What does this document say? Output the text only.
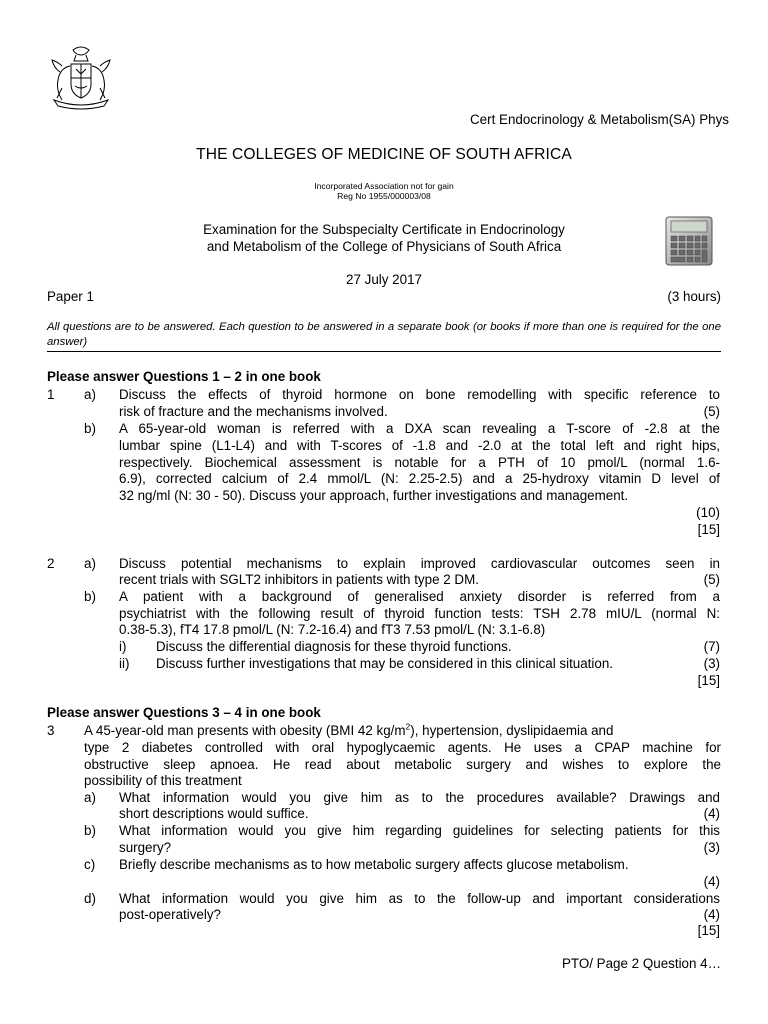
Cert Endocrinology & Metabolism(SA) Phys
THE COLLEGES OF MEDICINE OF SOUTH AFRICA
Incorporated Association not for gain
Reg No 1955/000003/08
Examination for the Subspecialty Certificate in Endocrinology
and Metabolism of the College of Physicians of South Africa
27 July 2017
Paper 1	(3 hours)
All questions are to be answered. Each question to be answered in a separate book (or books if more than one is required for the one answer)
Please answer Questions 1 – 2 in one book
1 a) Discuss the effects of thyroid hormone on bone remodelling with specific reference to
risk of fracture and the mechanisms involved.	(5)
b) A 65-year-old woman is referred with a DXA scan revealing a T-score of -2.8 at the
lumbar spine (L1-L4) and with T-scores of -1.8 and -2.0 at the total left and right hips,
respectively. Biochemical assessment is notable for a PTH of 10 pmol/L (normal 1.6-
6.9), corrected calcium of 2.4 mmol/L (N: 2.25-2.5) and a 25-hydroxy vitamin D level of
32 ng/ml (N: 30 - 50). Discuss your approach, further investigations and management.
(10)
[15]
2 a) Discuss potential mechanisms to explain improved cardiovascular outcomes seen in
recent trials with SGLT2 inhibitors in patients with type 2 DM.	(5)
b) A patient with a background of generalised anxiety disorder is referred from a
psychiatrist with the following result of thyroid function tests: TSH 2.78 mIU/L (normal N:
0.38-5.3), fT4 17.8 pmol/L (N: 7.2-16.4) and fT3 7.53 pmol/L (N: 3.1-6.8)
i) Discuss the differential diagnosis for these thyroid functions.	(7)
ii) Discuss further investigations that may be considered in this clinical situation.	(3)
[15]
Please answer Questions 3 – 4 in one book
3 A 45-year-old man presents with obesity (BMI 42 $kg/m^2$), hypertension, dyslipidaemia and
type 2 diabetes controlled with oral hypoglycaemic agents. He uses a CPAP machine for
obstructive sleep apnoea. He read about metabolic surgery and wishes to explore the
possibility of this treatment
a) What information would you give him as to the procedures available? Drawings and
short descriptions would suffice.	(4)
b) What information would you give him regarding guidelines for selecting patients for this
surgery?	(3)
c) Briefly describe mechanisms as to how metabolic surgery affects glucose metabolism.
(4)
d) What information would you give him as to the follow-up and important considerations
post-operatively?	(4)
[15]
PTO/ Page 2 Question 4…
